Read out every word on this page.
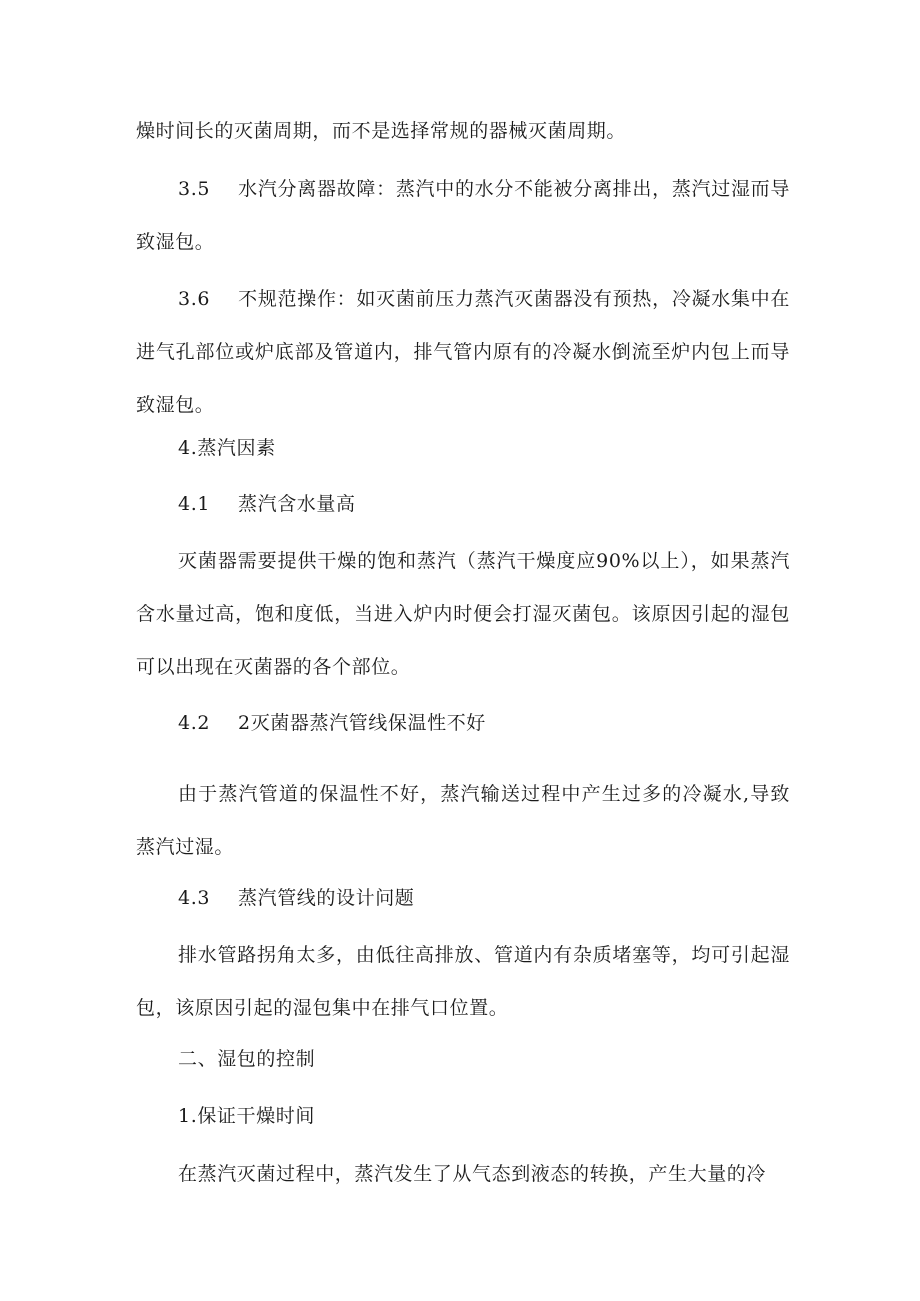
燥时间长的灭菌周期，而不是选择常规的器械灭菌周期。

3.5 水汽分离器故障：蒸汽中的水分不能被分离排出，蒸汽过湿而导致湿包。

3.6 不规范操作：如灭菌前压力蒸汽灭菌器没有预热，冷凝水集中在进气孔部位或炉底部及管道内，排气管内原有的冷凝水倒流至炉内包上而导致湿包。

4.蒸汽因素

4.1 蒸汽含水量高

灭菌器需要提供干燥的饱和蒸汽（蒸汽干燥度应90%以上），如果蒸汽含水量过高，饱和度低，当进入炉内时便会打湿灭菌包。该原因引起的湿包可以出现在灭菌器的各个部位。

4.2 2灭菌器蒸汽管线保温性不好

由于蒸汽管道的保温性不好，蒸汽输送过程中产生过多的冷凝水,导致蒸汽过湿。

4.3 蒸汽管线的设计问题

排水管路拐角太多，由低往高排放、管道内有杂质堵塞等，均可引起湿包，该原因引起的湿包集中在排气口位置。

二、湿包的控制

1.保证干燥时间

在蒸汽灭菌过程中，蒸汽发生了从气态到液态的转换，产生大量的冷
